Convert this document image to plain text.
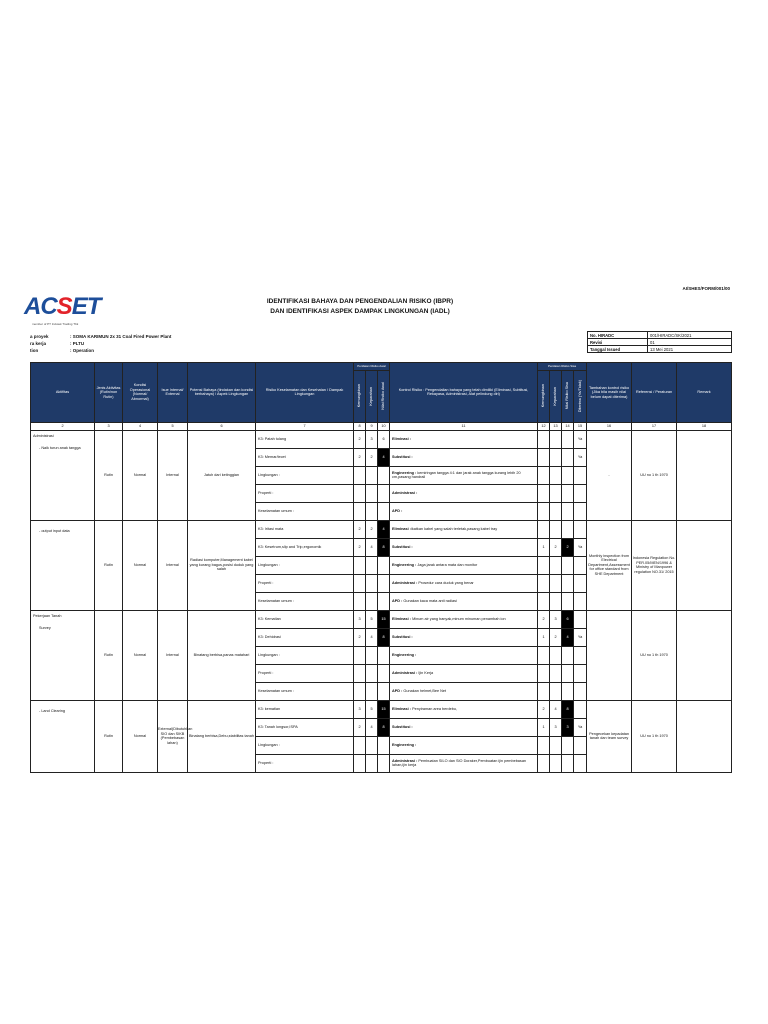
AI/SHES/FORM/001/00
ACSET
member of PT Indotek Trading Tbk
IDENTIFIKASI BAHAYA DAN PENGENDALIAN RISIKO (IBPR)
DAN IDENTIFIKASI ASPEK DAMPAK LINGKUNGAN (IADL)
a proyek	: SOMA KARIMUN 2x 31 Coal Fired Power Plant
ra kerja	: PLTU
tion	: Operation
No. HIRADC	001/HIRADC/SK/2021
Revisi	01
Tanggal Issued	13 Mei 2021
Aktifitas	Jenis Aktivitas (Rutin/non Rutin)	Kondisi Operasional (Normal/ Abnormal)	Isue Internal/ External	Potensi Bahaya (tindakan dan kondisi berbahaya) / Aspek Lingkungan	Risiko Keselamatan dan Kesehatan / Dampak Lingkungan	Penilaian Risiko Awal			Kontrol Risiko : Pengendalian bahaya yang telah dimiliki (Eliminasi, Subtitusi, Rekayasa, Administrasi, Alat pelindung diri)	Penilaian Risiko Sisa				Tambahan kontrol risiko (Jika bila masih nilai belum dapat diterima)	Referensi / Peraturan	Remark

						Kemungkinan	Keparahan	Nilai Risiko Awal		Kemungkinan	Keparahan	Nilai Risiko Sisa	Diterima (Ya/Tidak)			

2	3	4	5	6	7	8	9	10	11	12	13	14	15	16	17	18

Administrasi
- Naik turun anak tangga	Rutin	Normal	Internal	Jatuh dari ketinggian	K3: Patah tulang	2	3	6	Eliminasi :				Ya	-	UU no 1 th 1970	
					K3: Memar/lecet	2	2	4	Substitusi :				Ya			
					Lingkungan :				Engineering : kemiringan tangga 4:1 dan jarak anak tangga kurang lebih 20 cm,pasang handrail							
					Properti :				Administrasi :							
					Keselamatan umum :				APD :							

- output input data	Rutin	Normal	Internal	Radiasi komputer,Management kabel yang kurang bagus,posisi duduk yang salah	K3: Iritasi mata	2	2	4	Eliminasi :ikatkan kabel yang salah terletak,pasang kabel tray					Monthly inspection from Electrical Department,Assessment for office standard from SHE Department	Indonesia Regulation No. PER.05/MEN/1996 & Ministry of Manpower regulation NO.31/ 2015	
					K3: Kesetrum,slip and Trip,ergonomik	2	4	8	Substitusi :	1	2	2	Ya			
					Lingkungan :				Engineering : Jaga jarak antara mata dan monitor							
					Properti :				Administrasi : Prosedur cara duduk yang benar							
					Keselamatan umum :				APD : Gunakan kaca mata anti radiasi							

Pekerjaan Tanah
Survey	Rutin	Normal	Internal	Binatang berbisa,panas matahari	K3: Kematian	3	5	15	Eliminasi : Minum air yang banyak,minum minuman penambah ion	2	3	6			UU no 1 th 1970	
					K3: Dehidrasi	2	4	8	Substitusi :	1	2	4	Ya			
					Lingkungan :				Engineering :							
					Properti :				Administrasi : Ijin Kerja							
					Keselamatan umum :				APD : Gunakan helmet,Bee Net							

- Land Clearing	Rutin	Normal	External(Dibutuhkan SIO dan SIKB (Pembebasan lahan)	Binatang berbisa,Debu,stabilitas tanah	K3: kematian	3	5	15	Eliminasi : Penyiraman area berdebu,	2	4	8		Pengecekan kepadatan tanah dan team survey	UU no 1 th 1970	
					K3: Tanah longsor,ISPA	2	4	8	Substitusi :	1	3	3	Ya			
					Lingkungan :				Engineering :							
					Properti :				Administrasi : Pembuatan SILO dan SIO Doraker,Pembuatan ijin pembebasan lahan,ijin kerja							
